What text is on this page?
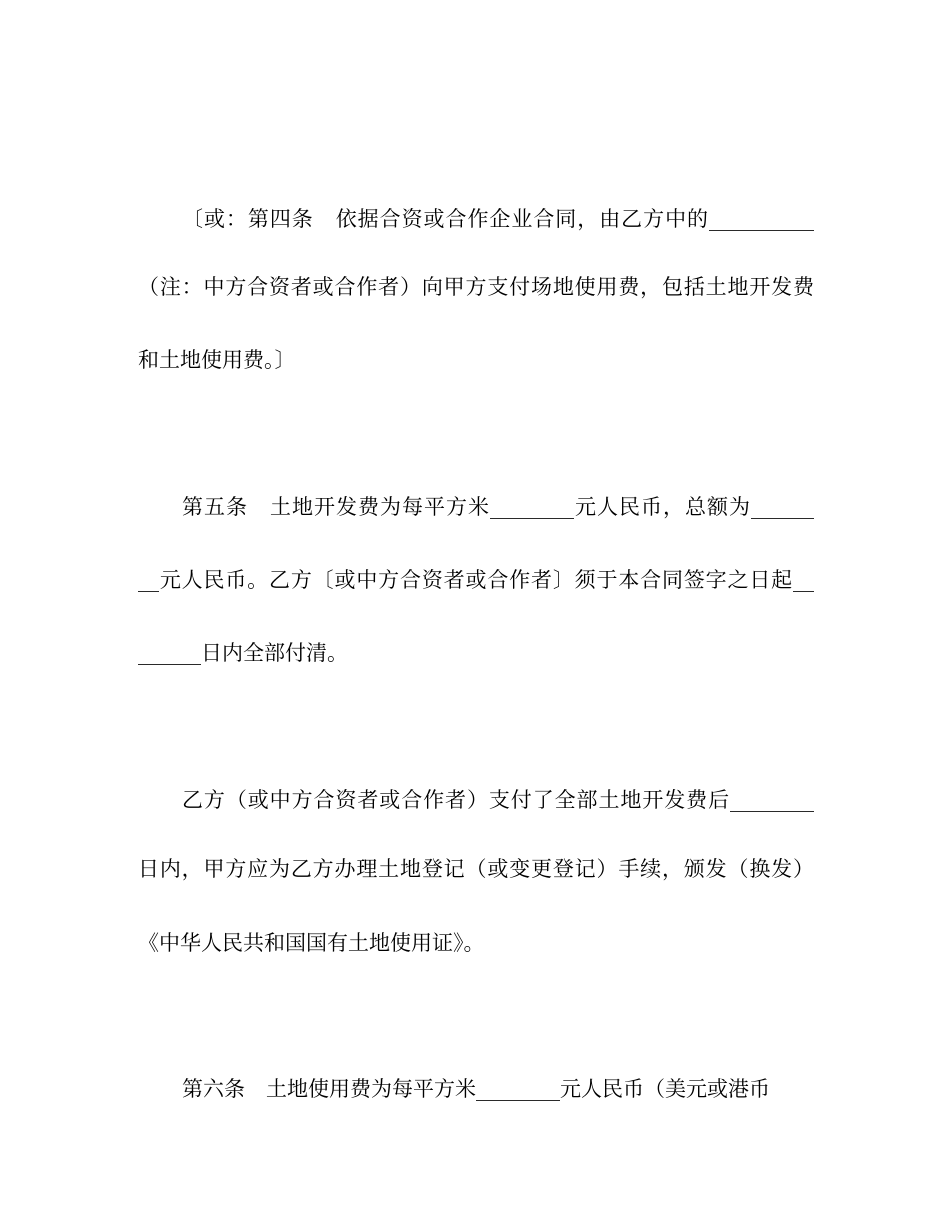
〔或：第四条　依据合资或合作企业合同，由乙方中的__________
（注：中方合资者或合作者）向甲方支付场地使用费，包括土地开发费
和土地使用费。〕
第五条　土地开发费为每平方米________元人民币，总额为______
__元人民币。乙方〔或中方合资者或合作者〕须于本合同签字之日起__
______日内全部付清。
乙方（或中方合资者或合作者）支付了全部土地开发费后________
日内，甲方应为乙方办理土地登记（或变更登记）手续，颁发（换发）
《中华人民共和国国有土地使用证》。
第六条　土地使用费为每平方米________元人民币（美元或港币
